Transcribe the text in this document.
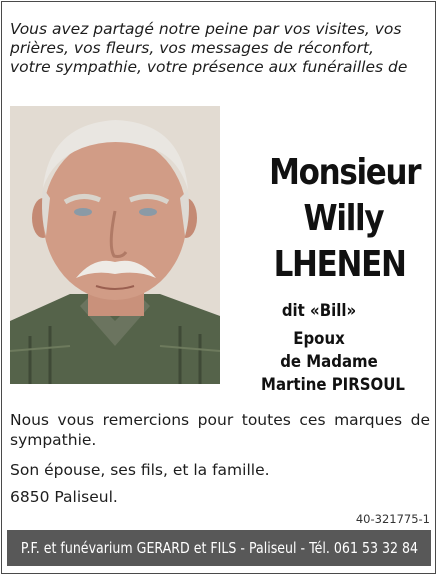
Vous avez partagé notre peine par vos visites, vos
prières, vos fleurs, vos messages de réconfort,
votre sympathie, votre présence aux funérailles de
Monsieur
Willy
LHENEN
dit «Bill»
Epoux
de Madame
Martine PIRSOUL
Nous vous remercions pour toutes ces marques de sympathie.
Son épouse, ses fils, et la famille.
6850 Paliseul.
40-321775-1
P.F. et funévarium GERARD et FILS - Paliseul - Tél. 061 53 32 84
